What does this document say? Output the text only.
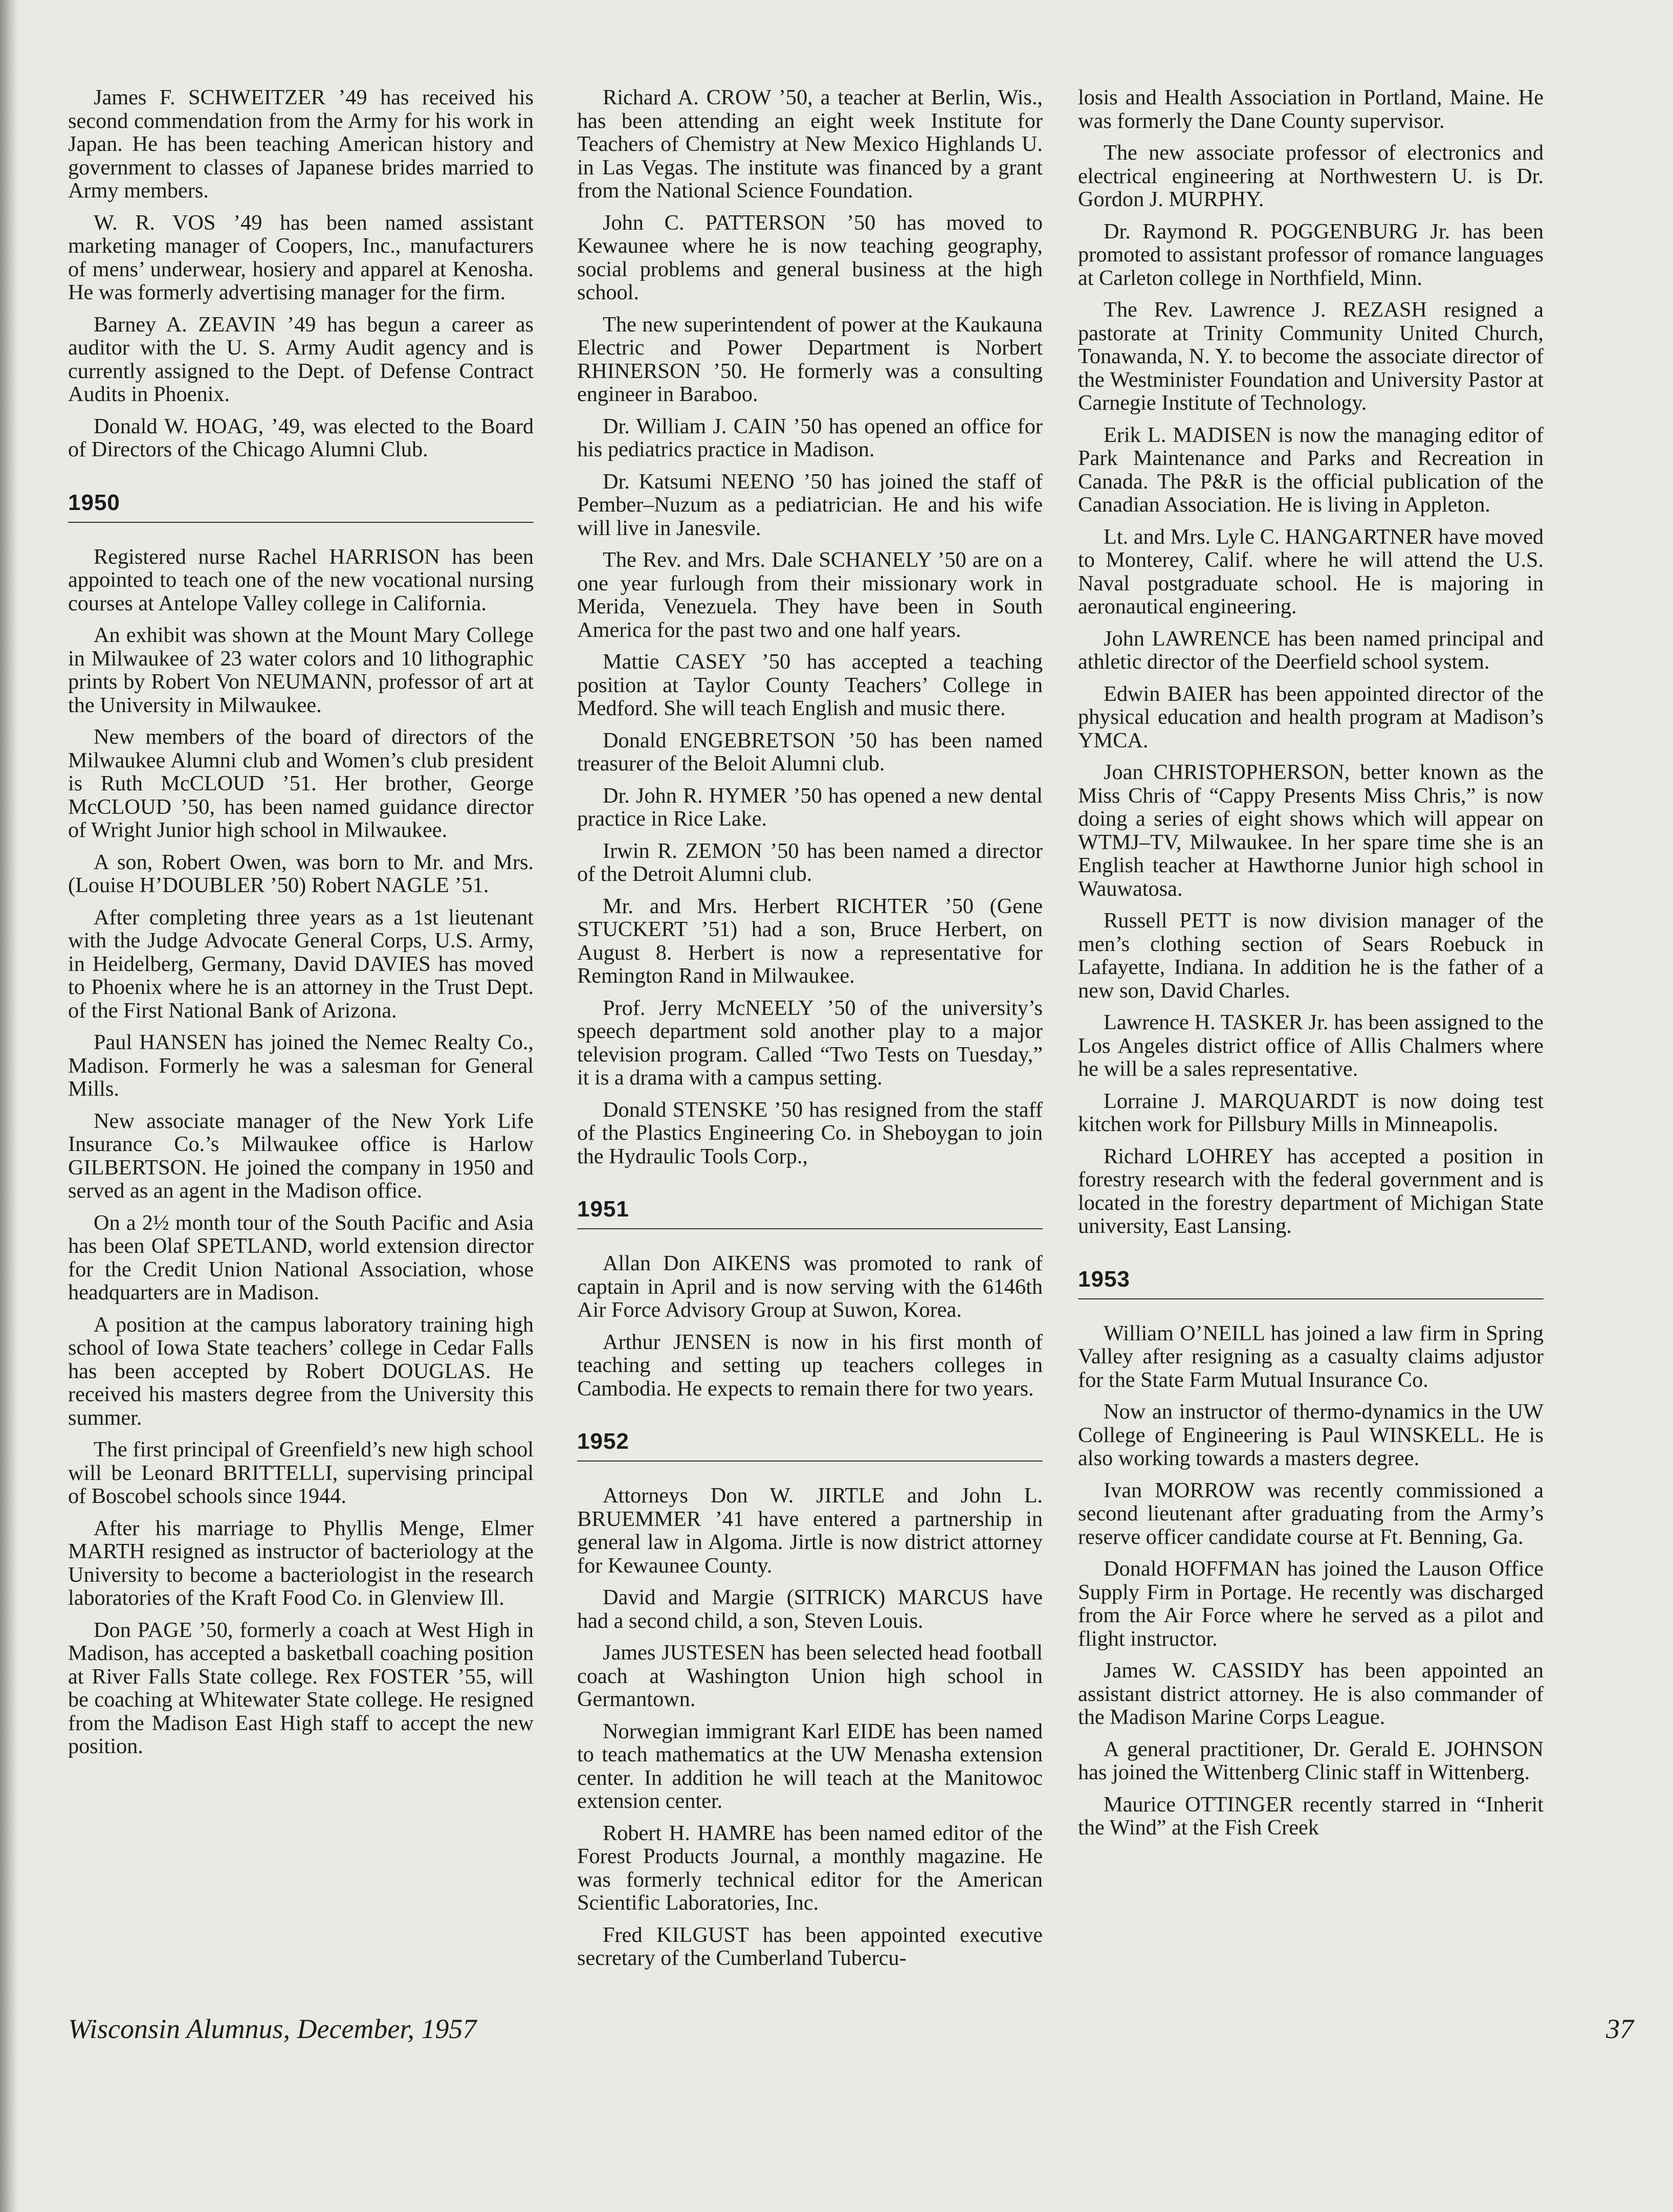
James F. SCHWEITZER ’49 has received his second commendation from the Army for his work in Japan. He has been teaching American history and government to classes of Japanese brides married to Army members.

W. R. VOS ’49 has been named assistant marketing manager of Coopers, Inc., manufacturers of mens’ underwear, hosiery and apparel at Kenosha. He was formerly advertising manager for the firm.

Barney A. ZEAVIN ’49 has begun a career as auditor with the U. S. Army Audit agency and is currently assigned to the Dept. of Defense Contract Audits in Phoenix.

Donald W. HOAG, ’49, was elected to the Board of Directors of the Chicago Alumni Club.

1950

Registered nurse Rachel HARRISON has been appointed to teach one of the new vocational nursing courses at Antelope Valley college in California.

An exhibit was shown at the Mount Mary College in Milwaukee of 23 water colors and 10 lithographic prints by Robert Von NEUMANN, professor of art at the University in Milwaukee.

New members of the board of directors of the Milwaukee Alumni club and Women’s club president is Ruth McCLOUD ’51. Her brother, George McCLOUD ’50, has been named guidance director of Wright Junior high school in Milwaukee.

A son, Robert Owen, was born to Mr. and Mrs. (Louise H’DOUBLER ’50) Robert NAGLE ’51.

After completing three years as a 1st lieutenant with the Judge Advocate General Corps, U.S. Army, in Heidelberg, Germany, David DAVIES has moved to Phoenix where he is an attorney in the Trust Dept. of the First National Bank of Arizona.

Paul HANSEN has joined the Nemec Realty Co., Madison. Formerly he was a salesman for General Mills.

New associate manager of the New York Life Insurance Co.’s Milwaukee office is Harlow GILBERTSON. He joined the company in 1950 and served as an agent in the Madison office.

On a 2½ month tour of the South Pacific and Asia has been Olaf SPETLAND, world extension director for the Credit Union National Association, whose headquarters are in Madison.

A position at the campus laboratory training high school of Iowa State teachers’ college in Cedar Falls has been accepted by Robert DOUGLAS. He received his masters degree from the University this summer.

The first principal of Greenfield’s new high school will be Leonard BRITTELLI, supervising principal of Boscobel schools since 1944.

After his marriage to Phyllis Menge, Elmer MARTH resigned as instructor of bacteriology at the University to become a bacteriologist in the research laboratories of the Kraft Food Co. in Glenview Ill.

Don PAGE ’50, formerly a coach at West High in Madison, has accepted a basketball coaching position at River Falls State college. Rex FOSTER ’55, will be coaching at Whitewater State college. He resigned from the Madison East High staff to accept the new position.

Richard A. CROW ’50, a teacher at Berlin, Wis., has been attending an eight week Institute for Teachers of Chemistry at New Mexico Highlands U. in Las Vegas. The institute was financed by a grant from the National Science Foundation.

John C. PATTERSON ’50 has moved to Kewaunee where he is now teaching geography, social problems and general business at the high school.

The new superintendent of power at the Kaukauna Electric and Power Department is Norbert RHINERSON ’50. He formerly was a consulting engineer in Baraboo.

Dr. William J. CAIN ’50 has opened an office for his pediatrics practice in Madison.

Dr. Katsumi NEENO ’50 has joined the staff of Pember–Nuzum as a pediatrician. He and his wife will live in Janesvile.

The Rev. and Mrs. Dale SCHANELY ’50 are on a one year furlough from their missionary work in Merida, Venezuela. They have been in South America for the past two and one half years.

Mattie CASEY ’50 has accepted a teaching position at Taylor County Teachers’ College in Medford. She will teach English and music there.

Donald ENGEBRETSON ’50 has been named treasurer of the Beloit Alumni club.

Dr. John R. HYMER ’50 has opened a new dental practice in Rice Lake.

Irwin R. ZEMON ’50 has been named a director of the Detroit Alumni club.

Mr. and Mrs. Herbert RICHTER ’50 (Gene STUCKERT ’51) had a son, Bruce Herbert, on August 8. Herbert is now a representative for Remington Rand in Milwaukee.

Prof. Jerry McNEELY ’50 of the university’s speech department sold another play to a major television program. Called “Two Tests on Tuesday,” it is a drama with a campus setting.

Donald STENSKE ’50 has resigned from the staff of the Plastics Engineering Co. in Sheboygan to join the Hydraulic Tools Corp.,

1951

Allan Don AIKENS was promoted to rank of captain in April and is now serving with the 6146th Air Force Advisory Group at Suwon, Korea.

Arthur JENSEN is now in his first month of teaching and setting up teachers colleges in Cambodia. He expects to remain there for two years.

1952

Attorneys Don W. JIRTLE and John L. BRUEMMER ’41 have entered a partnership in general law in Algoma. Jirtle is now district attorney for Kewaunee County.

David and Margie (SITRICK) MARCUS have had a second child, a son, Steven Louis.

James JUSTESEN has been selected head football coach at Washington Union high school in Germantown.

Norwegian immigrant Karl EIDE has been named to teach mathematics at the UW Menasha extension center. In addition he will teach at the Manitowoc extension center.

Robert H. HAMRE has been named editor of the Forest Products Journal, a monthly magazine. He was formerly technical editor for the American Scientific Laboratories, Inc.

Fred KILGUST has been appointed executive secretary of the Cumberland Tubercu-

losis and Health Association in Portland, Maine. He was formerly the Dane County supervisor.

The new associate professor of electronics and electrical engineering at Northwestern U. is Dr. Gordon J. MURPHY.

Dr. Raymond R. POGGENBURG Jr. has been promoted to assistant professor of romance languages at Carleton college in Northfield, Minn.

The Rev. Lawrence J. REZASH resigned a pastorate at Trinity Community United Church, Tonawanda, N. Y. to become the associate director of the Westminister Foundation and University Pastor at Carnegie Institute of Technology.

Erik L. MADISEN is now the managing editor of Park Maintenance and Parks and Recreation in Canada. The P&R is the official publication of the Canadian Association. He is living in Appleton.

Lt. and Mrs. Lyle C. HANGARTNER have moved to Monterey, Calif. where he will attend the U.S. Naval postgraduate school. He is majoring in aeronautical engineering.

John LAWRENCE has been named principal and athletic director of the Deerfield school system.

Edwin BAIER has been appointed director of the physical education and health program at Madison’s YMCA.

Joan CHRISTOPHERSON, better known as the Miss Chris of “Cappy Presents Miss Chris,” is now doing a series of eight shows which will appear on WTMJ–TV, Milwaukee. In her spare time she is an English teacher at Hawthorne Junior high school in Wauwatosa.

Russell PETT is now division manager of the men’s clothing section of Sears Roebuck in Lafayette, Indiana. In addition he is the father of a new son, David Charles.

Lawrence H. TASKER Jr. has been assigned to the Los Angeles district office of Allis Chalmers where he will be a sales representative.

Lorraine J. MARQUARDT is now doing test kitchen work for Pillsbury Mills in Minneapolis.

Richard LOHREY has accepted a position in forestry research with the federal government and is located in the forestry department of Michigan State university, East Lansing.

1953

William O’NEILL has joined a law firm in Spring Valley after resigning as a casualty claims adjustor for the State Farm Mutual Insurance Co.

Now an instructor of thermo-dynamics in the UW College of Engineering is Paul WINSKELL. He is also working towards a masters degree.

Ivan MORROW was recently commissioned a second lieutenant after graduating from the Army’s reserve officer candidate course at Ft. Benning, Ga.

Donald HOFFMAN has joined the Lauson Office Supply Firm in Portage. He recently was discharged from the Air Force where he served as a pilot and flight instructor.

James W. CASSIDY has been appointed an assistant district attorney. He is also commander of the Madison Marine Corps League.

A general practitioner, Dr. Gerald E. JOHNSON has joined the Wittenberg Clinic staff in Wittenberg.

Maurice OTTINGER recently starred in “Inherit the Wind” at the Fish Creek

Wisconsin Alumnus, December, 1957	37
